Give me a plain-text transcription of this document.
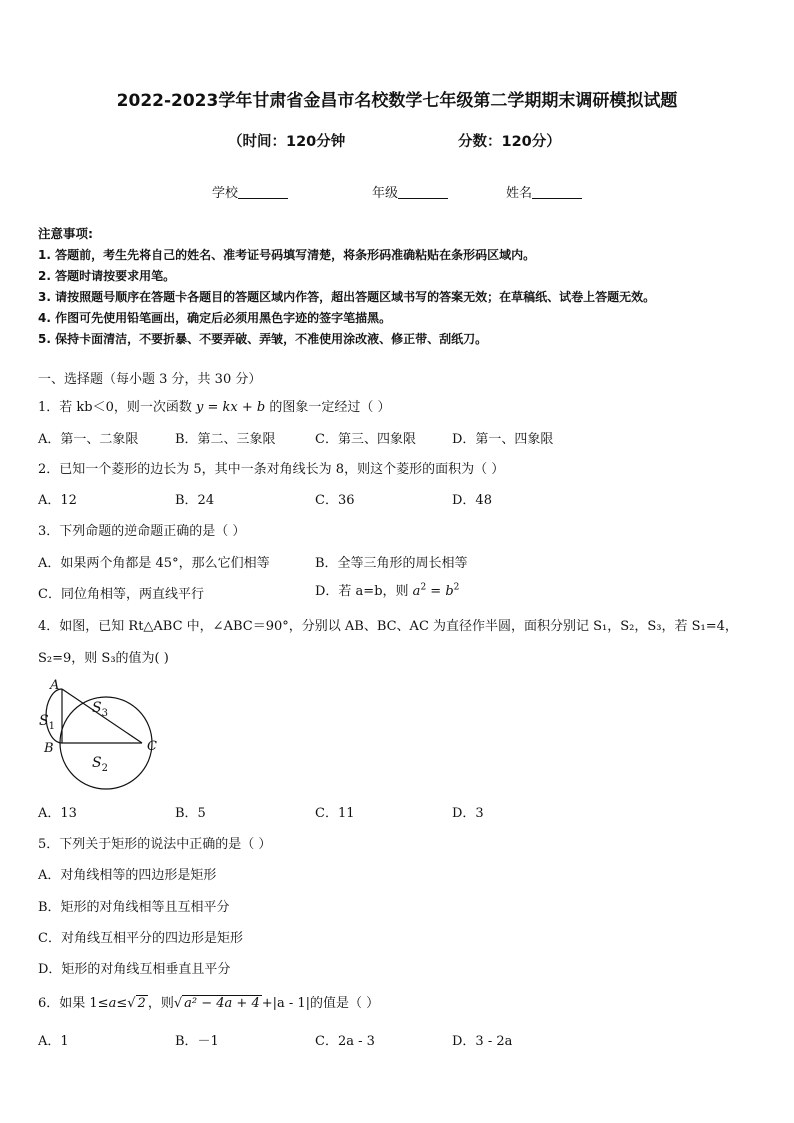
2022-2023学年甘肃省金昌市名校数学七年级第二学期期末调研模拟试题
（时间：120分钟	分数：120分）
学校	年级	姓名
注意事项:
1. 答题前，考生先将自己的姓名、准考证号码填写清楚，将条形码准确粘贴在条形码区域内。
2. 答题时请按要求用笔。
3. 请按照题号顺序在答题卡各题目的答题区域内作答，超出答题区域书写的答案无效；在草稿纸、试卷上答题无效。
4. 作图可先使用铅笔画出，确定后必须用黑色字迹的签字笔描黑。
5. 保持卡面清洁，不要折暴、不要弄破、弄皱，不准使用涂改液、修正带、刮纸刀。
一、选择题（每小题 3 分，共 30 分）
1．若 kb＜0，则一次函数 y = kx + b 的图象一定经过（ ）
A．第一、二象限	B．第二、三象限	C．第三、四象限	D．第一、四象限
2．已知一个菱形的边长为 5，其中一条对角线长为 8，则这个菱形的面积为（ ）
A．12	B．24	C．36	D．48
3．下列命题的逆命题正确的是（ ）
A．如果两个角都是 45°，那么它们相等	B．全等三角形的周长相等
C．同位角相等，两直线平行	D．若 a=b，则 $a^2 = b^2$
4．如图，已知 Rt△ABC 中，∠ABC＝90°，分别以 AB、BC、AC 为直径作半圆，面积分别记 S₁，S₂，S₃，若 S₁=4，
S₂=9，则 S₃的值为( )
A
B	C
$S_3$
$S_1$
$S_2$
A．13	B．5	C．11	D．3
5．下列关于矩形的说法中正确的是（ ）
A．对角线相等的四边形是矩形
B．矩形的对角线相等且互相平分
C．对角线互相平分的四边形是矩形
D．矩形的对角线互相垂直且平分
6．如果 1≤a≤√ 2 ，则√ a² − 4a + 4 +|a - 1|的值是（ ）
A．1	B．－1	C．2a - 3	D．3 - 2a
